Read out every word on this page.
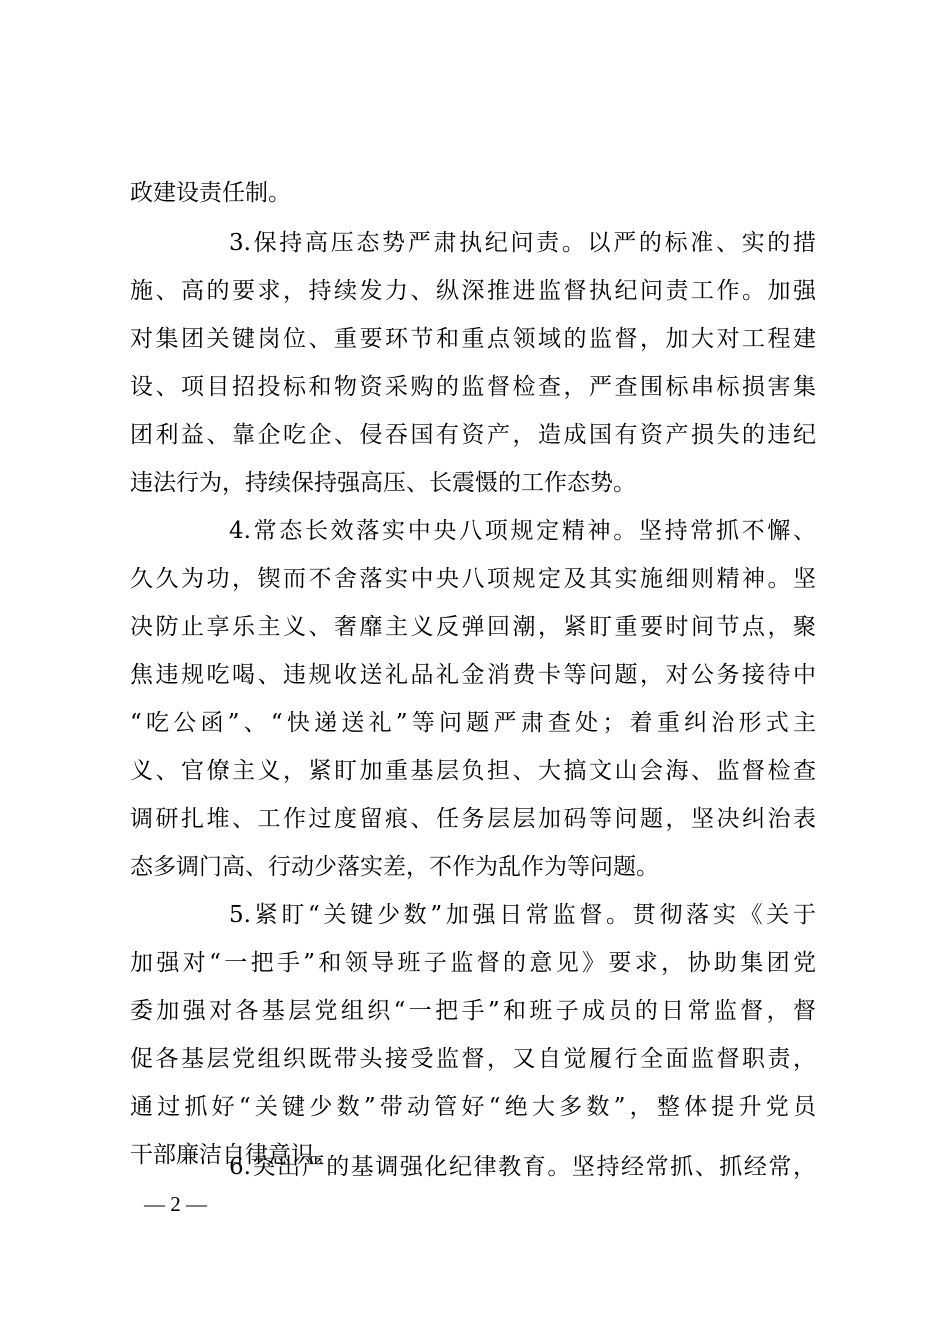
政建设责任制。
3.保持高压态势严肃执纪问责。以严的标准、实的措
施、高的要求，持续发力、纵深推进监督执纪问责工作。加强
对集团关键岗位、重要环节和重点领域的监督，加大对工程建
设、项目招投标和物资采购的监督检查，严查围标串标损害集
团利益、靠企吃企、侵吞国有资产，造成国有资产损失的违纪
违法行为，持续保持强高压、长震慑的工作态势。
4.常态长效落实中央八项规定精神。坚持常抓不懈、
久久为功，锲而不舍落实中央八项规定及其实施细则精神。坚
决防止享乐主义、奢靡主义反弹回潮，紧盯重要时间节点，聚
焦违规吃喝、违规收送礼品礼金消费卡等问题，对公务接待中
“吃公函”、“快递送礼”等问题严肃查处；着重纠治形式主
义、官僚主义，紧盯加重基层负担、大搞文山会海、监督检查
调研扎堆、工作过度留痕、任务层层加码等问题，坚决纠治表
态多调门高、行动少落实差，不作为乱作为等问题。
5.紧盯“关键少数”加强日常监督。贯彻落实《关于
加强对“一把手”和领导班子监督的意见》要求，协助集团党
委加强对各基层党组织“一把手”和班子成员的日常监督，督
促各基层党组织既带头接受监督，又自觉履行全面监督职责，
通过抓好“关键少数”带动管好“绝大多数”，整体提升党员
干部廉洁自律意识。
— 2 —
6.突出严的基调强化纪律教育。坚持经常抓、抓经常，
